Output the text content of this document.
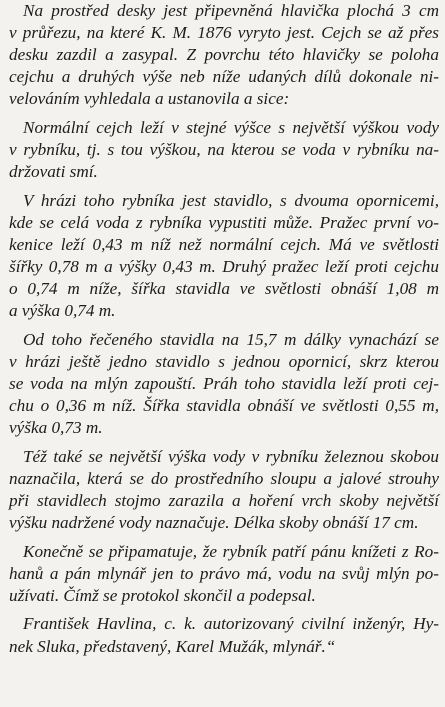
Na prostřed desky jest připevněná hlavička plochá 3 cm
v průřezu, na které K. M. 1876 vyryto jest. Cejch se až přes
desku zazdil a zasypal. Z povrchu této hlavičky se poloha
cejchu a druhých výše neb níže udaných dílů dokonale ni-
velováním vyhledala a ustanovila a sice:

Normální cejch leží v stejné výšce s největší výškou vody
v rybníku, tj. s tou výškou, na kterou se voda v rybníku na-
držovati smí.

V hrázi toho rybníka jest stavidlo, s dvouma opornicemi,
kde se celá voda z rybníka vypustiti může. Pražec první vo-
kenice leží 0,43 m níž než normální cejch. Má ve světlosti
šířky 0,78 m a výšky 0,43 m. Druhý pražec leží proti cejchu
o 0,74 m níže, šířka stavidla ve světlosti obnáší 1,08 m
a výška 0,74 m.

Od toho řečeného stavidla na 15,7 m dálky vynachází se
v hrázi ještě jedno stavidlo s jednou opornicí, skrz kterou
se voda na mlýn zapouští. Práh toho stavidla leží proti cej-
chu o 0,36 m níž. Šířka stavidla obnáší ve světlosti 0,55 m,
výška 0,73 m.

Též také se největší výška vody v rybníku železnou skobou
naznačila, která se do prostředního sloupu a jalové strouhy
při stavidlech stojmo zarazila a hoření vrch skoby největší
výšku nadržené vody naznačuje. Délka skoby obnáší 17 cm.

Konečně se připamatuje, že rybník patří pánu knížeti z Ro-
hanů a pán mlynář jen to právo má, vodu na svůj mlýn po-
užívati. Čímž se protokol skončil a podepsal.

František Havlina, c. k. autorizovaný civilní inženýr, Hy-
nek Sluka, představený, Karel Mužák, mlynář.“
